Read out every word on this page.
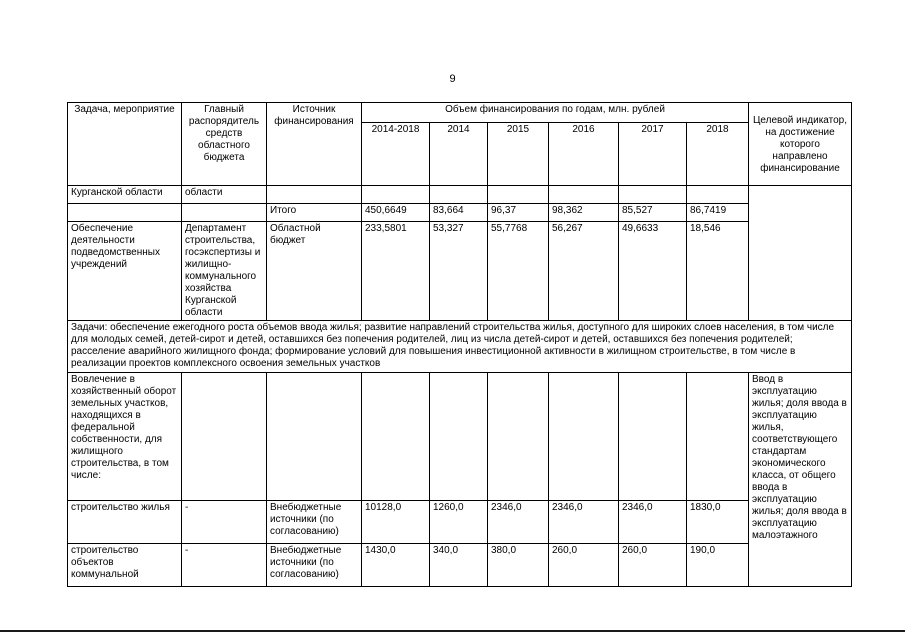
9
Задача, мероприятие	Главный распорядитель средств областного бюджета	Источник финансирования	Объем финансирования по годам, млн. рублей						Целевой индикатор, на достижение которого направлено финансирование
			2014-2018	2014	2015	2016	2017	2018	
Курганской области	области								
		Итого	450,6649	83,664	96,37	98,362	85,527	86,7419	
Обеспечение деятельности подведомственных учреждений	Департамент строительства, госэкспертизы и жилищно-коммунального хозяйства Курганской области	Областной бюджет	233,5801	53,327	55,7768	56,267	49,6633	18,546	
Задачи: обеспечение ежегодного роста объемов ввода жилья; развитие направлений строительства жилья, доступного для широких слоев населения, в том числе для молодых семей, детей-сирот и детей, оставшихся без попечения родителей, лиц из числа детей-сирот и детей, оставшихся без попечения родителей; расселение аварийного жилищного фонда; формирование условий для повышения инвестиционной активности в жилищном строительстве, в том числе в реализации проектов комплексного освоения земельных участков									
Вовлечение в хозяйственный оборот земельных участков, находящихся в федеральной собственности, для жилищного строительства, в том числе:									Ввод в эксплуатацию жилья; доля ввода в эксплуатацию жилья, соответствующего стандартам экономического класса, от общего ввода в эксплуатацию жилья; доля ввода в эксплуатацию малоэтажного
строительство жилья	-	Внебюджетные источники (по согласованию)	10128,0	1260,0	2346,0	2346,0	2346,0	1830,0	
строительство объектов коммунальной	-	Внебюджетные источники (по согласованию)	1430,0	340,0	380,0	260,0	260,0	190,0	
